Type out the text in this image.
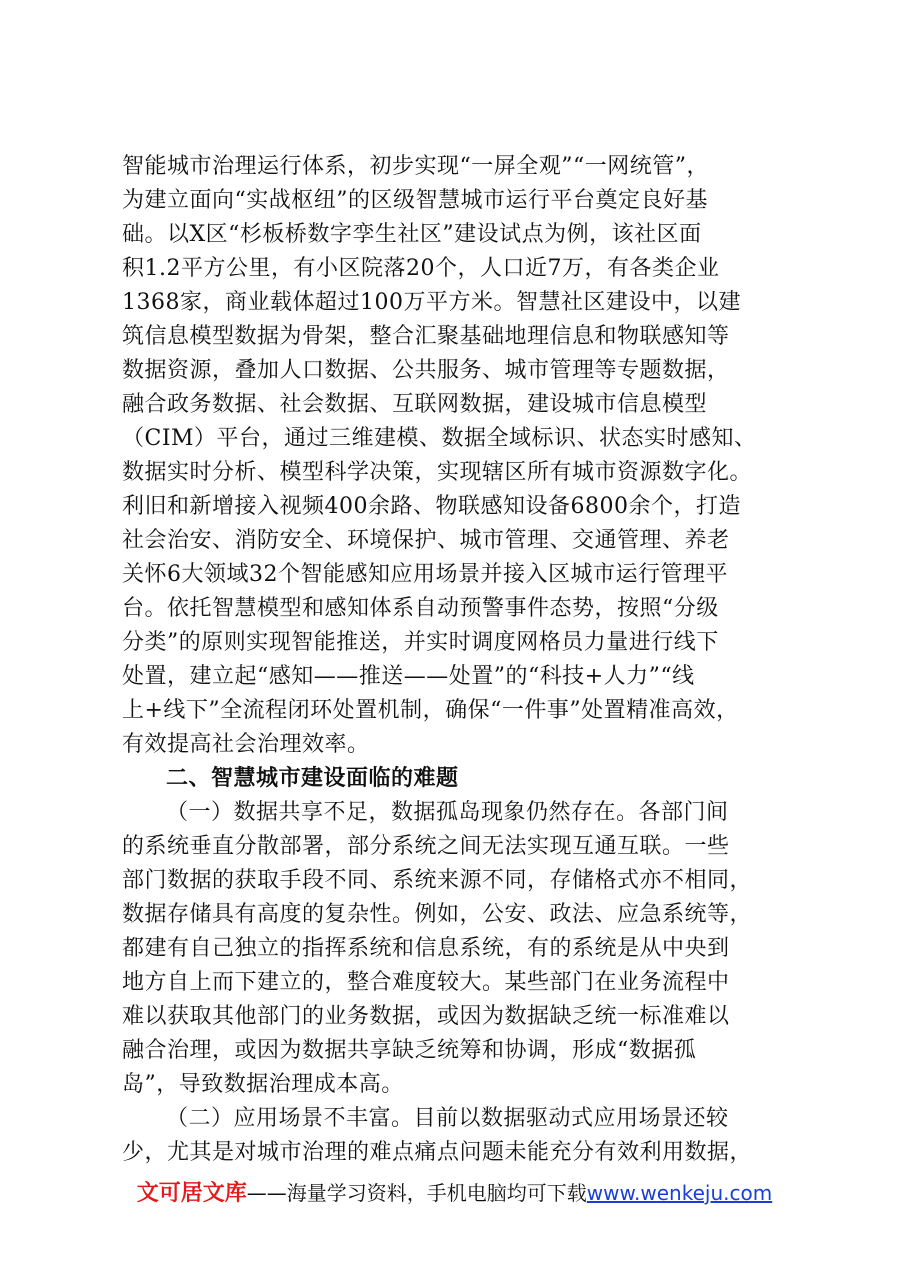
智能城市治理运行体系，初步实现“一屏全观”“一网统管”，
为建立面向“实战枢纽”的区级智慧城市运行平台奠定良好基
础。以X区“杉板桥数字孪生社区”建设试点为例，该社区面
积1.2平方公里，有小区院落20个，人口近7万，有各类企业
1368家，商业载体超过100万平方米。智慧社区建设中，以建
筑信息模型数据为骨架，整合汇聚基础地理信息和物联感知等
数据资源，叠加人口数据、公共服务、城市管理等专题数据，
融合政务数据、社会数据、互联网数据，建设城市信息模型
（CIM）平台，通过三维建模、数据全域标识、状态实时感知、
数据实时分析、模型科学决策，实现辖区所有城市资源数字化。
利旧和新增接入视频400余路、物联感知设备6800余个，打造
社会治安、消防安全、环境保护、城市管理、交通管理、养老
关怀6大领域32个智能感知应用场景并接入区城市运行管理平
台。依托智慧模型和感知体系自动预警事件态势，按照“分级
分类”的原则实现智能推送，并实时调度网格员力量进行线下
处置，建立起“感知——推送——处置”的“科技+人力”“线
上+线下”全流程闭环处置机制，确保“一件事”处置精准高效，
有效提高社会治理效率。
二、智慧城市建设面临的难题
（一）数据共享不足，数据孤岛现象仍然存在。各部门间
的系统垂直分散部署，部分系统之间无法实现互通互联。一些
部门数据的获取手段不同、系统来源不同，存储格式亦不相同，
数据存储具有高度的复杂性。例如，公安、政法、应急系统等，
都建有自己独立的指挥系统和信息系统，有的系统是从中央到
地方自上而下建立的，整合难度较大。某些部门在业务流程中
难以获取其他部门的业务数据，或因为数据缺乏统一标准难以
融合治理，或因为数据共享缺乏统筹和协调，形成“数据孤
岛”，导致数据治理成本高。
（二）应用场景不丰富。目前以数据驱动式应用场景还较
少，尤其是对城市治理的难点痛点问题未能充分有效利用数据，
文可居文库——海量学习资料，手机电脑均可下载www.wenkeju.com
